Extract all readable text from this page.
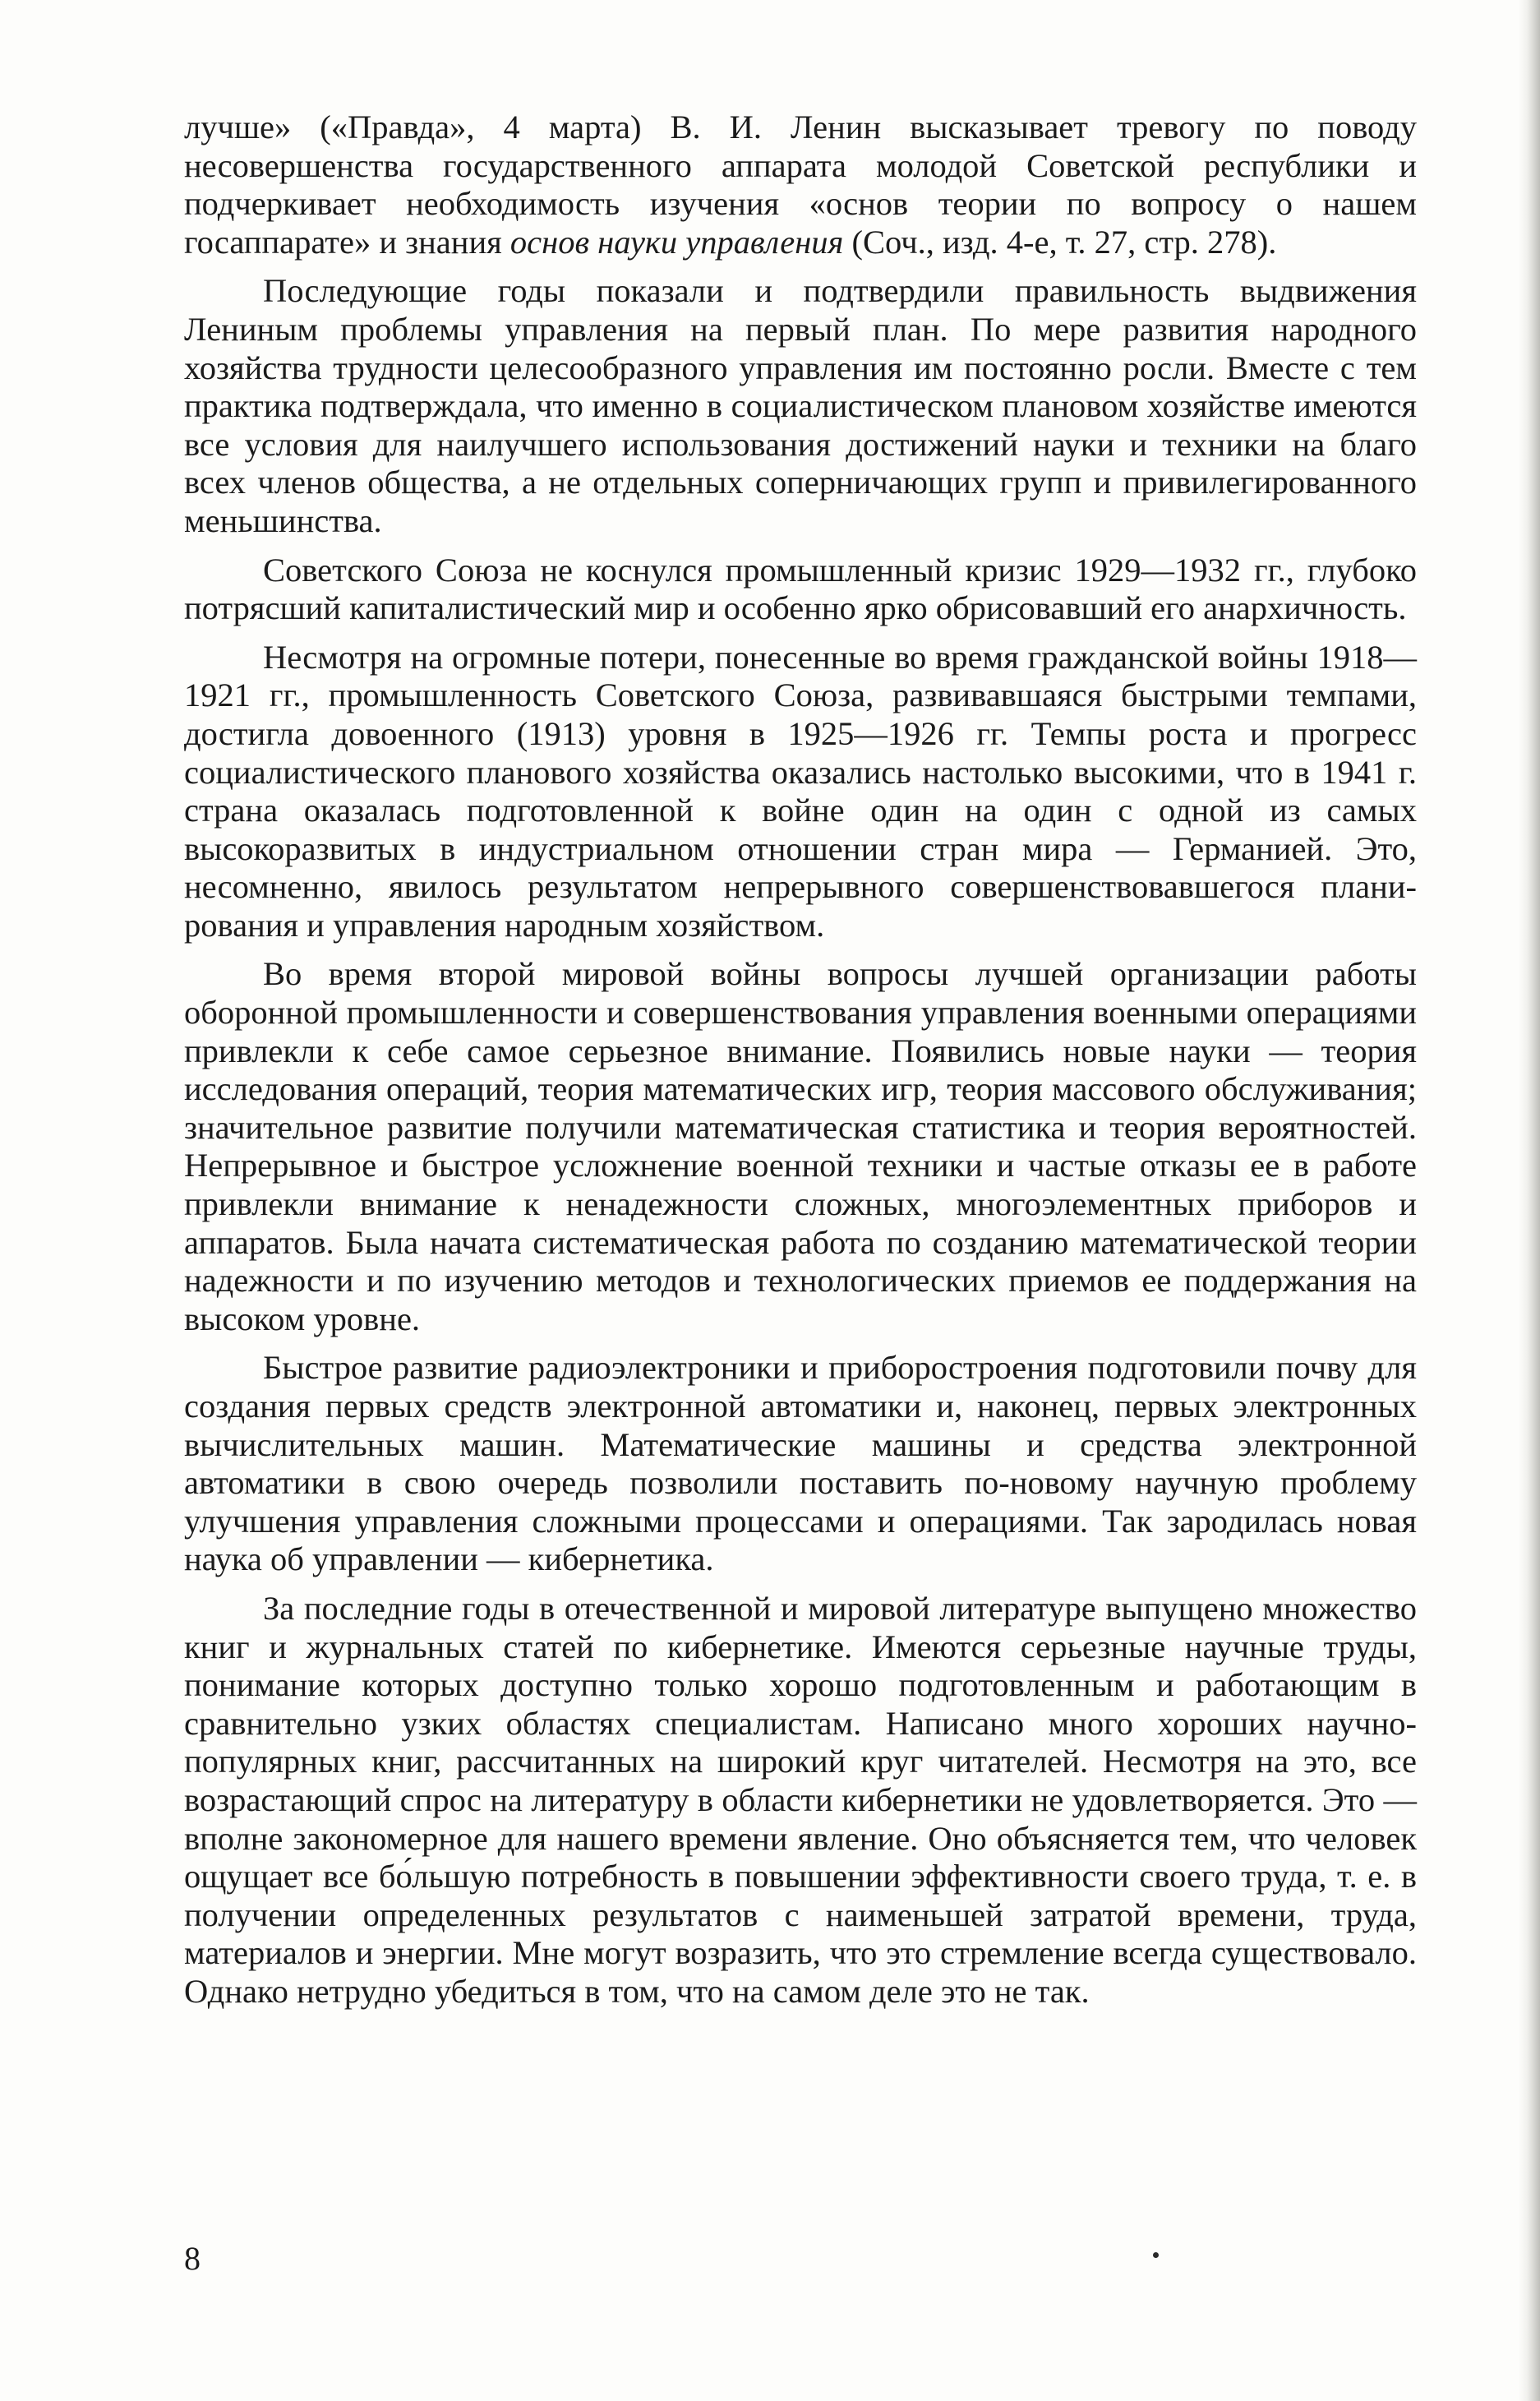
лучше» («Правда», 4 марта) В. И. Ленин высказывает тревогу по поводу несовершенства государственного аппарата молодой Советской республики и подчеркивает необходимость изучения «основ теории по вопросу о нашем госаппарате» и знания основ науки управления (Соч., изд. 4-е, т. 27, стр. 278).

Последующие годы показали и подтвердили правильность выдвижения Лениным проблемы управления на первый план. По мере развития народного хозяйства трудности целесообразного управления им постоянно росли. Вместе с тем практика подтверждала, что именно в социалистическом плановом хозяйстве имеются все условия для наилучшего использования достижений науки и техники на благо всех членов общества, а не отдельных соперничающих групп и привилегированного меньшинства.

Советского Союза не коснулся промышленный кризис 1929—1932 гг., глубоко потрясший капиталистический мир и особенно ярко обрисовавший его анархичность.

Несмотря на огромные потери, понесенные во время гражданской войны 1918—1921 гг., промышленность Советского Союза, развивавшаяся быстрыми темпами, достигла довоенного (1913) уровня в 1925—1926 гг. Темпы роста и прогресс социалистического планового хозяйства оказались настолько высокими, что в 1941 г. страна оказалась подготовленной к войне один на один с одной из самых высокоразвитых в индустриальном отношении стран мира — Германией. Это, несомненно, явилось результатом непрерывного совершенствовавшегося планирования и управления народным хозяйством.

Во время второй мировой войны вопросы лучшей организации работы оборонной промышленности и совершенствования управления военными операциями привлекли к себе самое серьезное внимание. Появились новые науки — теория исследования операций, теория математических игр, теория массового обслуживания; значительное развитие получили математическая статистика и теория вероятностей. Непрерывное и быстрое усложнение военной техники и частые отказы ее в работе привлекли внимание к ненадежности сложных, многоэлементных приборов и аппаратов. Была начата систематическая работа по созданию математической теории надежности и по изучению методов и технологических приемов ее поддержания на высоком уровне.

Быстрое развитие радиоэлектроники и приборостроения подготовили почву для создания первых средств электронной автоматики и, наконец, первых электронных вычислительных машин. Математические машины и средства электронной автоматики в свою очередь позволили поставить по-новому научную проблему улучшения управления сложными процессами и операциями. Так зародилась новая наука об управлении — кибернетика.

За последние годы в отечественной и мировой литературе выпущено множество книг и журнальных статей по кибернетике. Имеются серьезные научные труды, понимание которых доступно только хорошо подготовленным и работающим в сравнительно узких областях специалистам. Написано много хороших научно-популярных книг, рассчитанных на широкий круг читателей. Несмотря на это, все возрастающий спрос на литературу в области кибернетики не удовлетворяется. Это — вполне закономерное для нашего времени явление. Оно объясняется тем, что человек ощущает все бо́льшую потребность в повышении эффективности своего труда, т. е. в получении определенных результатов с наименьшей затратой времени, труда, материалов и энергии. Мне могут возразить, что это стремление всегда существовало. Однако нетрудно убедиться в том, что на самом деле это не так.

8
